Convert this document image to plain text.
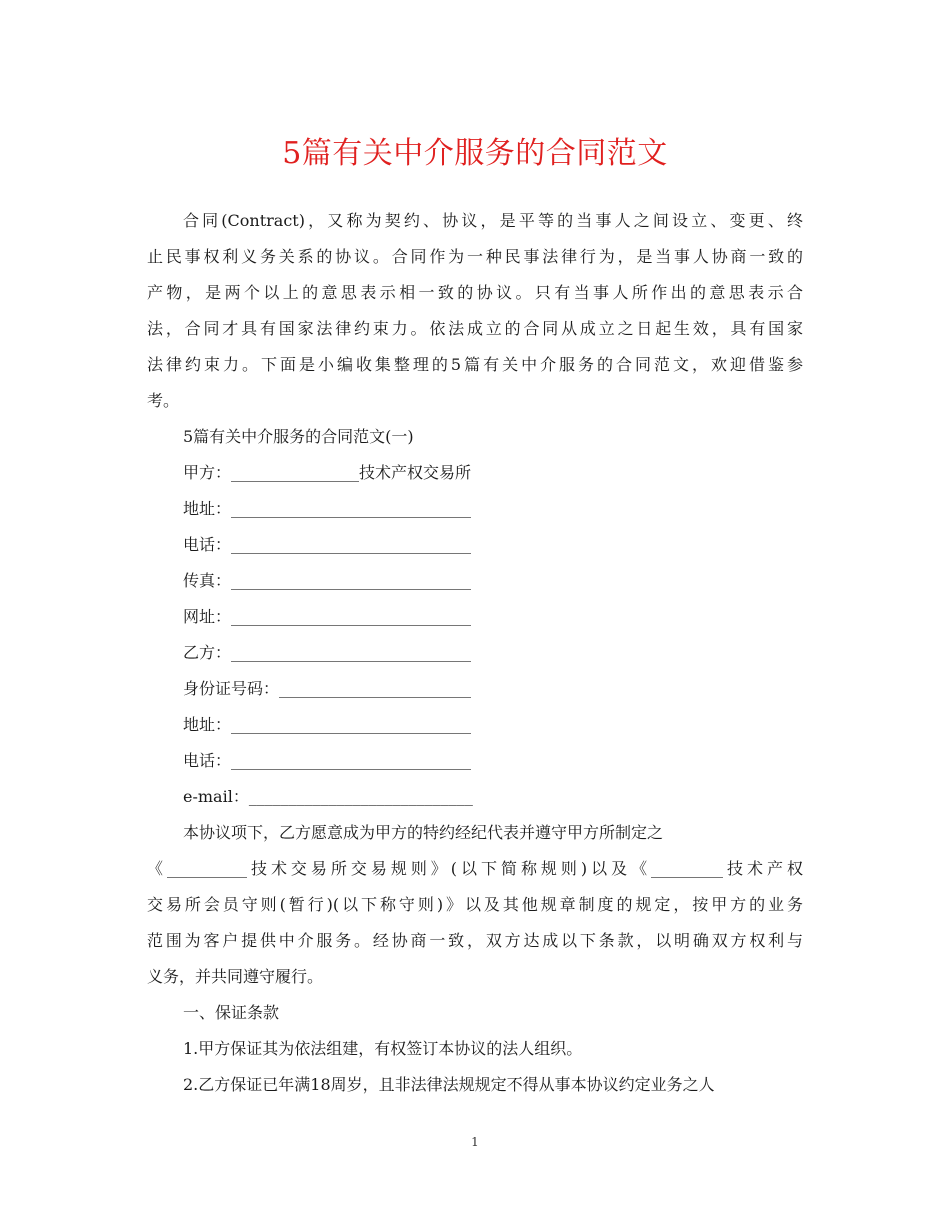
5篇有关中介服务的合同范文
合同(Contract)，又称为契约、协议，是平等的当事人之间设立、变更、终
止民事权利义务关系的协议。合同作为一种民事法律行为，是当事人协商一致的
产物，是两个以上的意思表示相一致的协议。只有当事人所作出的意思表示合
法，合同才具有国家法律约束力。依法成立的合同从成立之日起生效，具有国家
法律约束力。下面是小编收集整理的5篇有关中介服务的合同范文，欢迎借鉴参
考。
5篇有关中介服务的合同范文(一)
甲方：________________技术产权交易所
地址：______________________________
电话：______________________________
传真：______________________________
网址：______________________________
乙方：______________________________
身份证号码：________________________
地址：______________________________
电话：______________________________
e-mail：____________________________
本协议项下，乙方愿意成为甲方的特约经纪代表并遵守甲方所制定之
《__________技术交易所交易规则》(以下简称规则)以及《_________技术产权
交易所会员守则(暂行)(以下称守则)》以及其他规章制度的规定，按甲方的业务
范围为客户提供中介服务。经协商一致，双方达成以下条款，以明确双方权利与
义务，并共同遵守履行。
一、保证条款
1.甲方保证其为依法组建，有权签订本协议的法人组织。
2.乙方保证已年满18周岁，且非法律法规规定不得从事本协议约定业务之人
1
